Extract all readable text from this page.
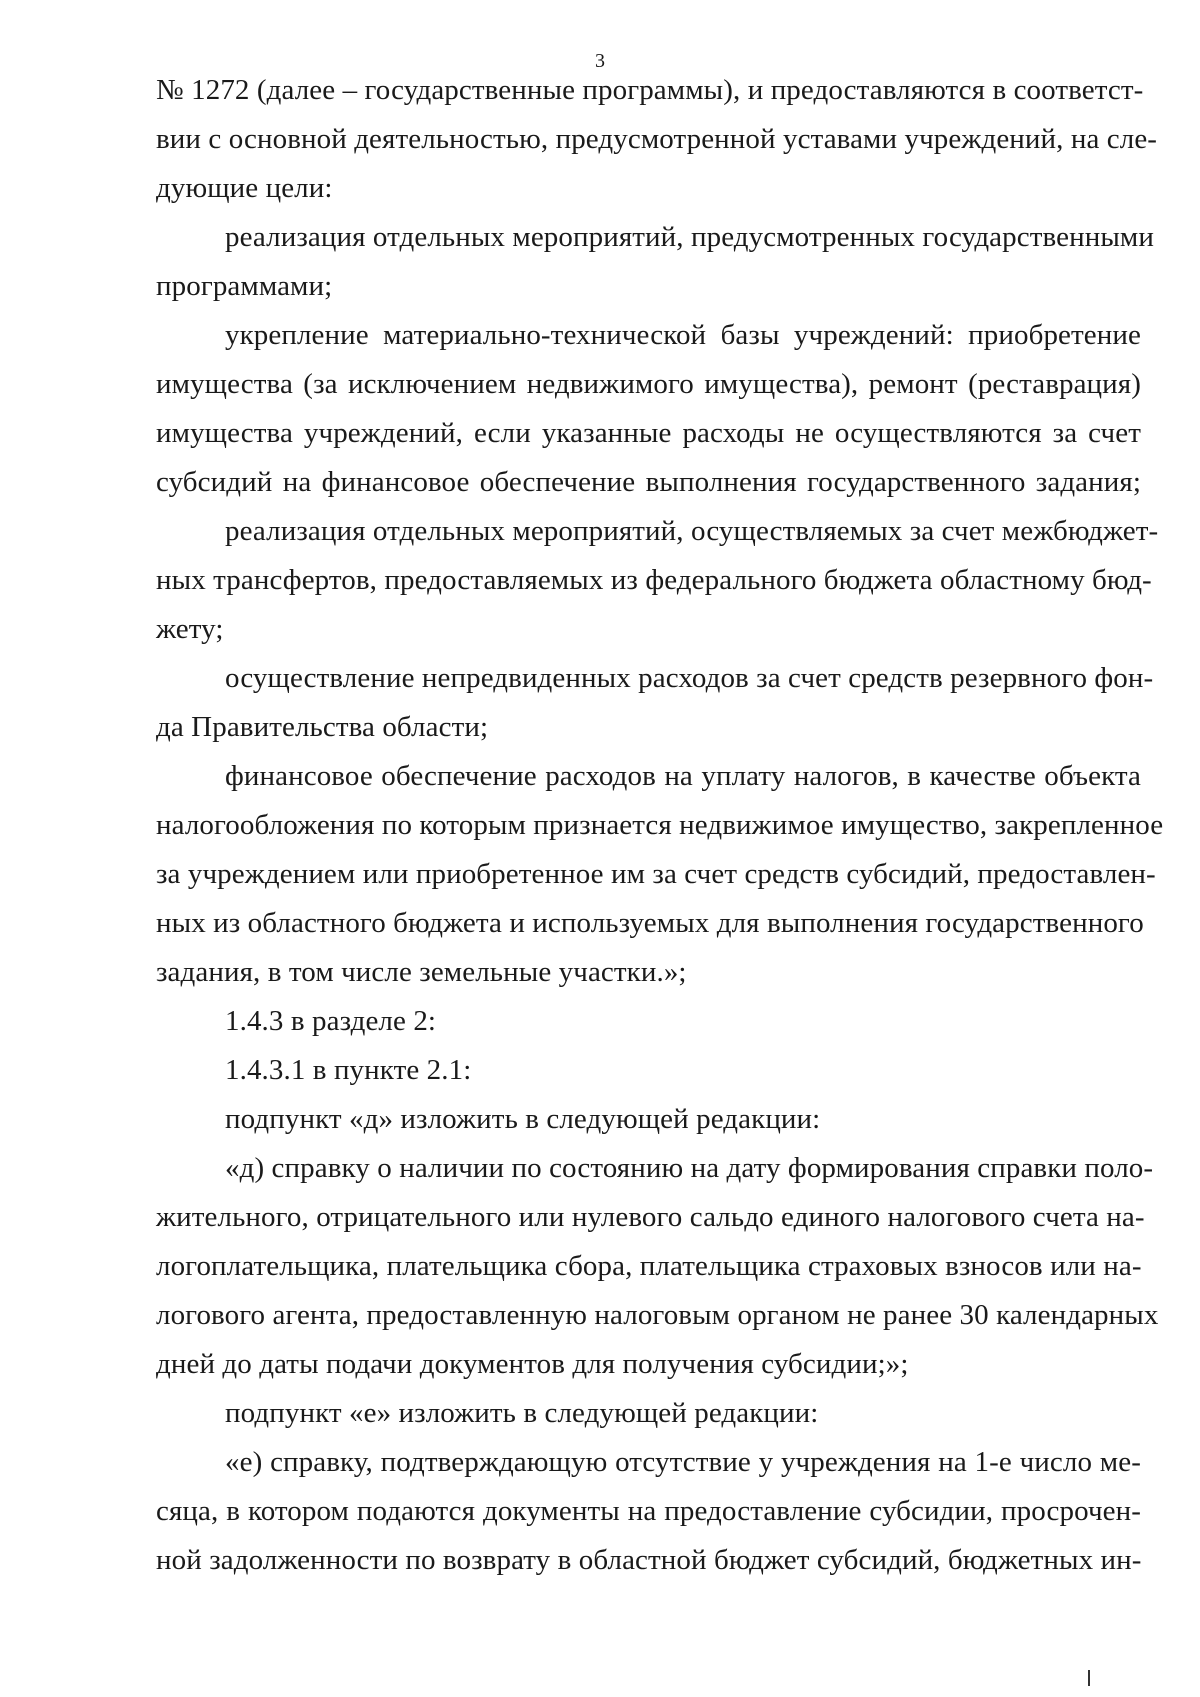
3
№ 1272 (далее – государственные программы), и предоставляются в соответст-
вии с основной деятельностью, предусмотренной уставами учреждений, на сле-
дующие цели:
реализация отдельных мероприятий, предусмотренных государственными
программами;
укрепление материально-технической базы учреждений: приобретение
имущества (за исключением недвижимого имущества), ремонт (реставрация)
имущества учреждений, если указанные расходы не осуществляются за счет
субсидий на финансовое обеспечение выполнения государственного задания;
реализация отдельных мероприятий, осуществляемых за счет межбюджет-
ных трансфертов, предоставляемых из федерального бюджета областному бюд-
жету;
осуществление непредвиденных расходов за счет средств резервного фон-
да Правительства области;
финансовое обеспечение расходов на уплату налогов, в качестве объекта
налогообложения по которым признается недвижимое имущество, закрепленное
за учреждением или приобретенное им за счет средств субсидий, предоставлен-
ных из областного бюджета и используемых для выполнения государственного
задания, в том числе земельные участки.»;
1.4.3 в разделе 2:
1.4.3.1 в пункте 2.1:
подпункт «д» изложить в следующей редакции:
«д) справку о наличии по состоянию на дату формирования справки поло-
жительного, отрицательного или нулевого сальдо единого налогового счета на-
логоплательщика, плательщика сбора, плательщика страховых взносов или на-
логового агента, предоставленную налоговым органом не ранее 30 календарных
дней до даты подачи документов для получения субсидии;»;
подпункт «е» изложить в следующей редакции:
«е) справку, подтверждающую отсутствие у учреждения на 1-е число ме-
сяца, в котором подаются документы на предоставление субсидии, просрочен-
ной задолженности по возврату в областной бюджет субсидий, бюджетных ин-
